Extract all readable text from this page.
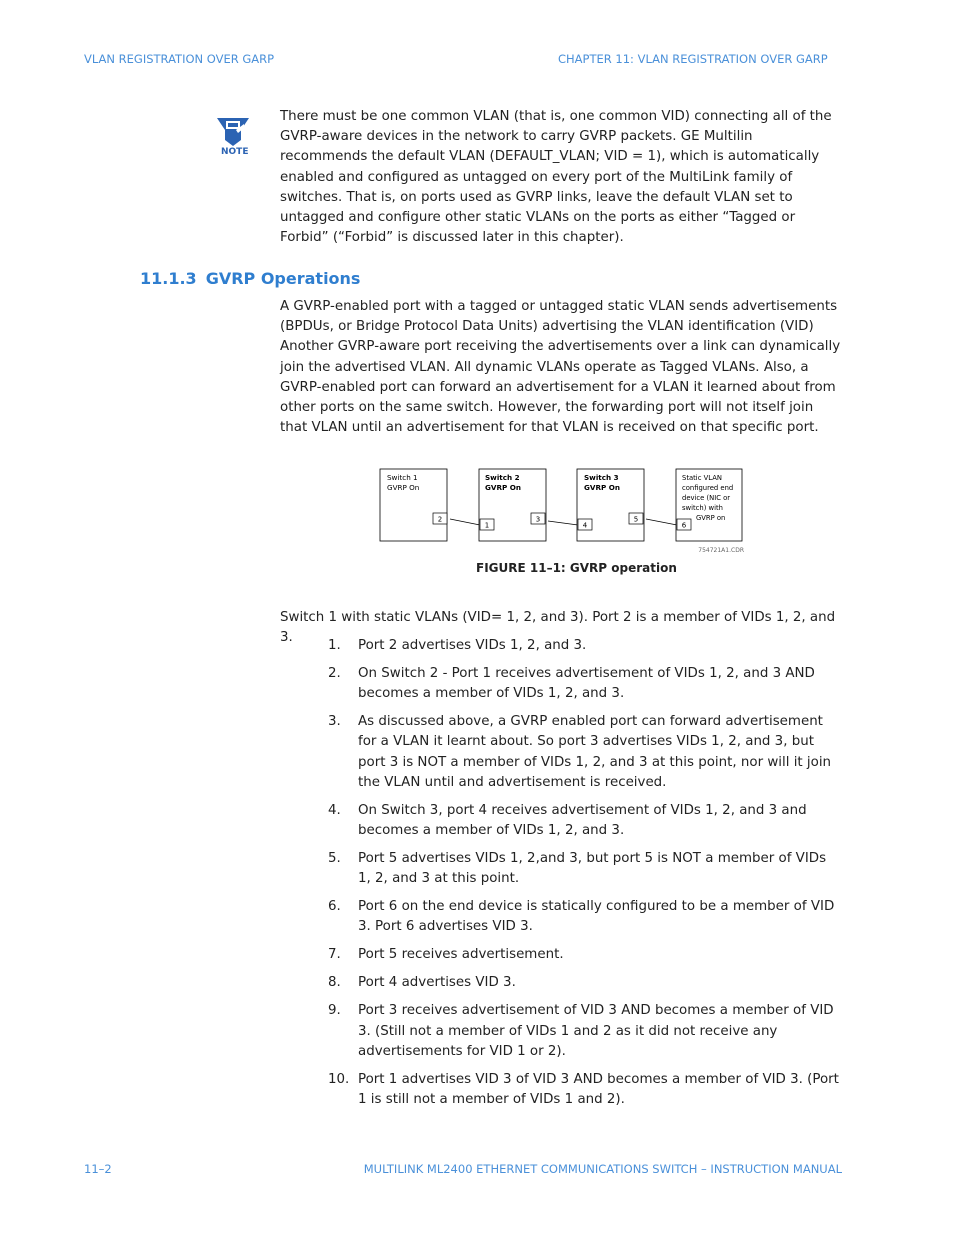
VLAN REGISTRATION OVER GARP	CHAPTER 11: VLAN REGISTRATION OVER GARP
NOTE
There must be one common VLAN (that is, one common VID) connecting all of the GVRP-aware devices in the network to carry GVRP packets. GE Multilin recommends the default VLAN (DEFAULT_VLAN; VID = 1), which is automatically enabled and configured as untagged on every port of the MultiLink family of switches. That is, on ports used as GVRP links, leave the default VLAN set to untagged and configure other static VLANs on the ports as either “Tagged or Forbid” (“Forbid” is discussed later in this chapter).
11.1.3 GVRP Operations
A GVRP-enabled port with a tagged or untagged static VLAN sends advertisements (BPDUs, or Bridge Protocol Data Units) advertising the VLAN identification (VID) Another GVRP-aware port receiving the advertisements over a link can dynamically join the advertised VLAN. All dynamic VLANs operate as Tagged VLANs. Also, a GVRP-enabled port can forward an advertisement for a VLAN it learned about from other ports on the same switch. However, the forwarding port will not itself join that VLAN until an advertisement for that VLAN is received on that specific port.
Switch 1
GVRP On
2
Switch 2
GVRP On
1
3
Switch 3
GVRP On
4
5
Static VLAN
configured end
device (NIC or
switch) with
GVRP on
6
754721A1.CDR
FIGURE 11–1: GVRP operation
Switch 1 with static VLANs (VID= 1, 2, and 3). Port 2 is a member of VIDs 1, 2, and 3.
1. Port 2 advertises VIDs 1, 2, and 3.
2. On Switch 2 - Port 1 receives advertisement of VIDs 1, 2, and 3 AND becomes a member of VIDs 1, 2, and 3.
3. As discussed above, a GVRP enabled port can forward advertisement for a VLAN it learnt about. So port 3 advertises VIDs 1, 2, and 3, but port 3 is NOT a member of VIDs 1, 2, and 3 at this point, nor will it join the VLAN until and advertisement is received.
4. On Switch 3, port 4 receives advertisement of VIDs 1, 2, and 3 and becomes a member of VIDs 1, 2, and 3.
5. Port 5 advertises VIDs 1, 2,and 3, but port 5 is NOT a member of VIDs 1, 2, and 3 at this point.
6. Port 6 on the end device is statically configured to be a member of VID 3. Port 6 advertises VID 3.
7. Port 5 receives advertisement.
8. Port 4 advertises VID 3.
9. Port 3 receives advertisement of VID 3 AND becomes a member of VID 3. (Still not a member of VIDs 1 and 2 as it did not receive any advertisements for VID 1 or 2).
10. Port 1 advertises VID 3 of VID 3 AND becomes a member of VID 3. (Port 1 is still not a member of VIDs 1 and 2).
11–2	MULTILINK ML2400 ETHERNET COMMUNICATIONS SWITCH – INSTRUCTION MANUAL
